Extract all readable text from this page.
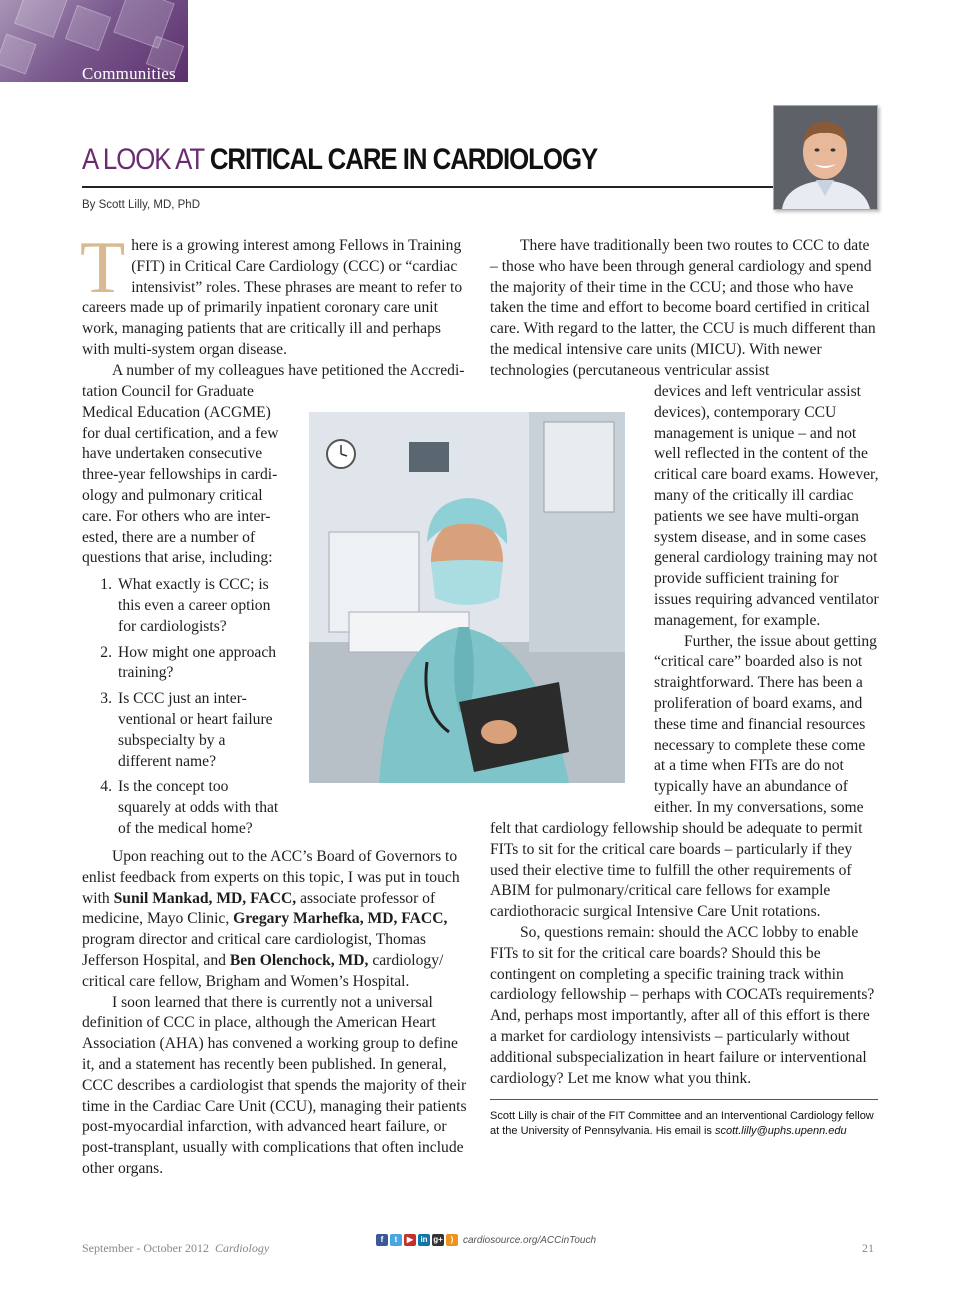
Communities
A LOOK AT CRITICAL CARE IN CARDIOLOGY
By Scott Lilly, MD, PhD

There is a growing interest among Fellows in Training (FIT) in Critical Care Cardiology (CCC) or “cardiac intensivist” roles. These phrases are meant to refer to careers made up of primarily inpatient coronary care unit work, managing patients that are critically ill and perhaps with multi-system organ disease.

A number of my colleagues have petitioned the Accredi-

tation Council for Graduate

Medical Education (ACGME)

for dual certification, and a few

have undertaken consecutive

three-year fellowships in cardi-

ology and pulmonary critical

care. For others who are inter-

ested, there are a number of

questions that arise, including:

1. What exactly is CCC; is this even a career option for cardiologists?
2. How might one approach training?
3. Is CCC just an inter-ventional or heart failure subspecialty by a different name?
4. Is the concept too squarely at odds with that of the medical home?

Upon reaching out to the ACC’s Board of Governors to enlist feedback from experts on this topic, I was put in touch with Sunil Mankad, MD, FACC, associate professor of medicine, Mayo Clinic, Gregary Marhefka, MD, FACC, program director and critical care cardiologist, Thomas Jefferson Hospital, and Ben Olenchock, MD, cardiology/ critical care fellow, Brigham and Women’s Hospital.

I soon learned that there is currently not a universal definition of CCC in place, although the American Heart Association (AHA) has convened a working group to define it, and a statement has recently been published. In general, CCC describes a cardiologist that spends the majority of their time in the Cardiac Care Unit (CCU), managing their patients post-myocardial infarction, with advanced heart failure, or post-transplant, usually with complications that often include other organs.

There have traditionally been two routes to CCC to date – those who have been through general cardiology and spend the majority of their time in the CCU; and those who have taken the time and effort to become board certified in critical care. With regard to the latter, the CCU is much different than the medical intensive care units (MICU). With newer technologies (percutaneous ventricular assist

devices and left ventricular assist devices), contemporary CCU management is unique – and not well reflected in the content of the critical care board exams. However, many of the critically ill cardiac patients we see have multi-organ system disease, and in some cases general cardiology training may not provide sufficient training for issues requiring advanced ventilator management, for example.

Further, the issue about getting “critical care” boarded also is not straightforward. There has been a proliferation of board exams, and these time and financial resources necessary to complete these come at a time when FITs are do not typically have an abundance of either. In my conversations, some

felt that cardiology fellowship should be adequate to permit FITs to sit for the critical care boards – particularly if they used their elective time to fulfill the other requirements of ABIM for pulmonary/critical care fellows for example cardiothoracic surgical Intensive Care Unit rotations.

So, questions remain: should the ACC lobby to enable FITs to sit for the critical care boards? Should this be contingent on completing a specific training track within cardiology fellowship – perhaps with COCATs requirements? And, perhaps most importantly, after all of this effort is there a market for cardiology intensivists – particularly without additional subspecialization in heart failure or interventional cardiology? Let me know what you think.

Scott Lilly is chair of the FIT Committee and an Interventional Cardiology fellow at the University of Pennsylvania. His email is scott.lilly@uphs.upenn.edu
September - October 2012 Cardiology
f	t	▶ in g+ ) cardiosource.org/ACCinTouch
21
